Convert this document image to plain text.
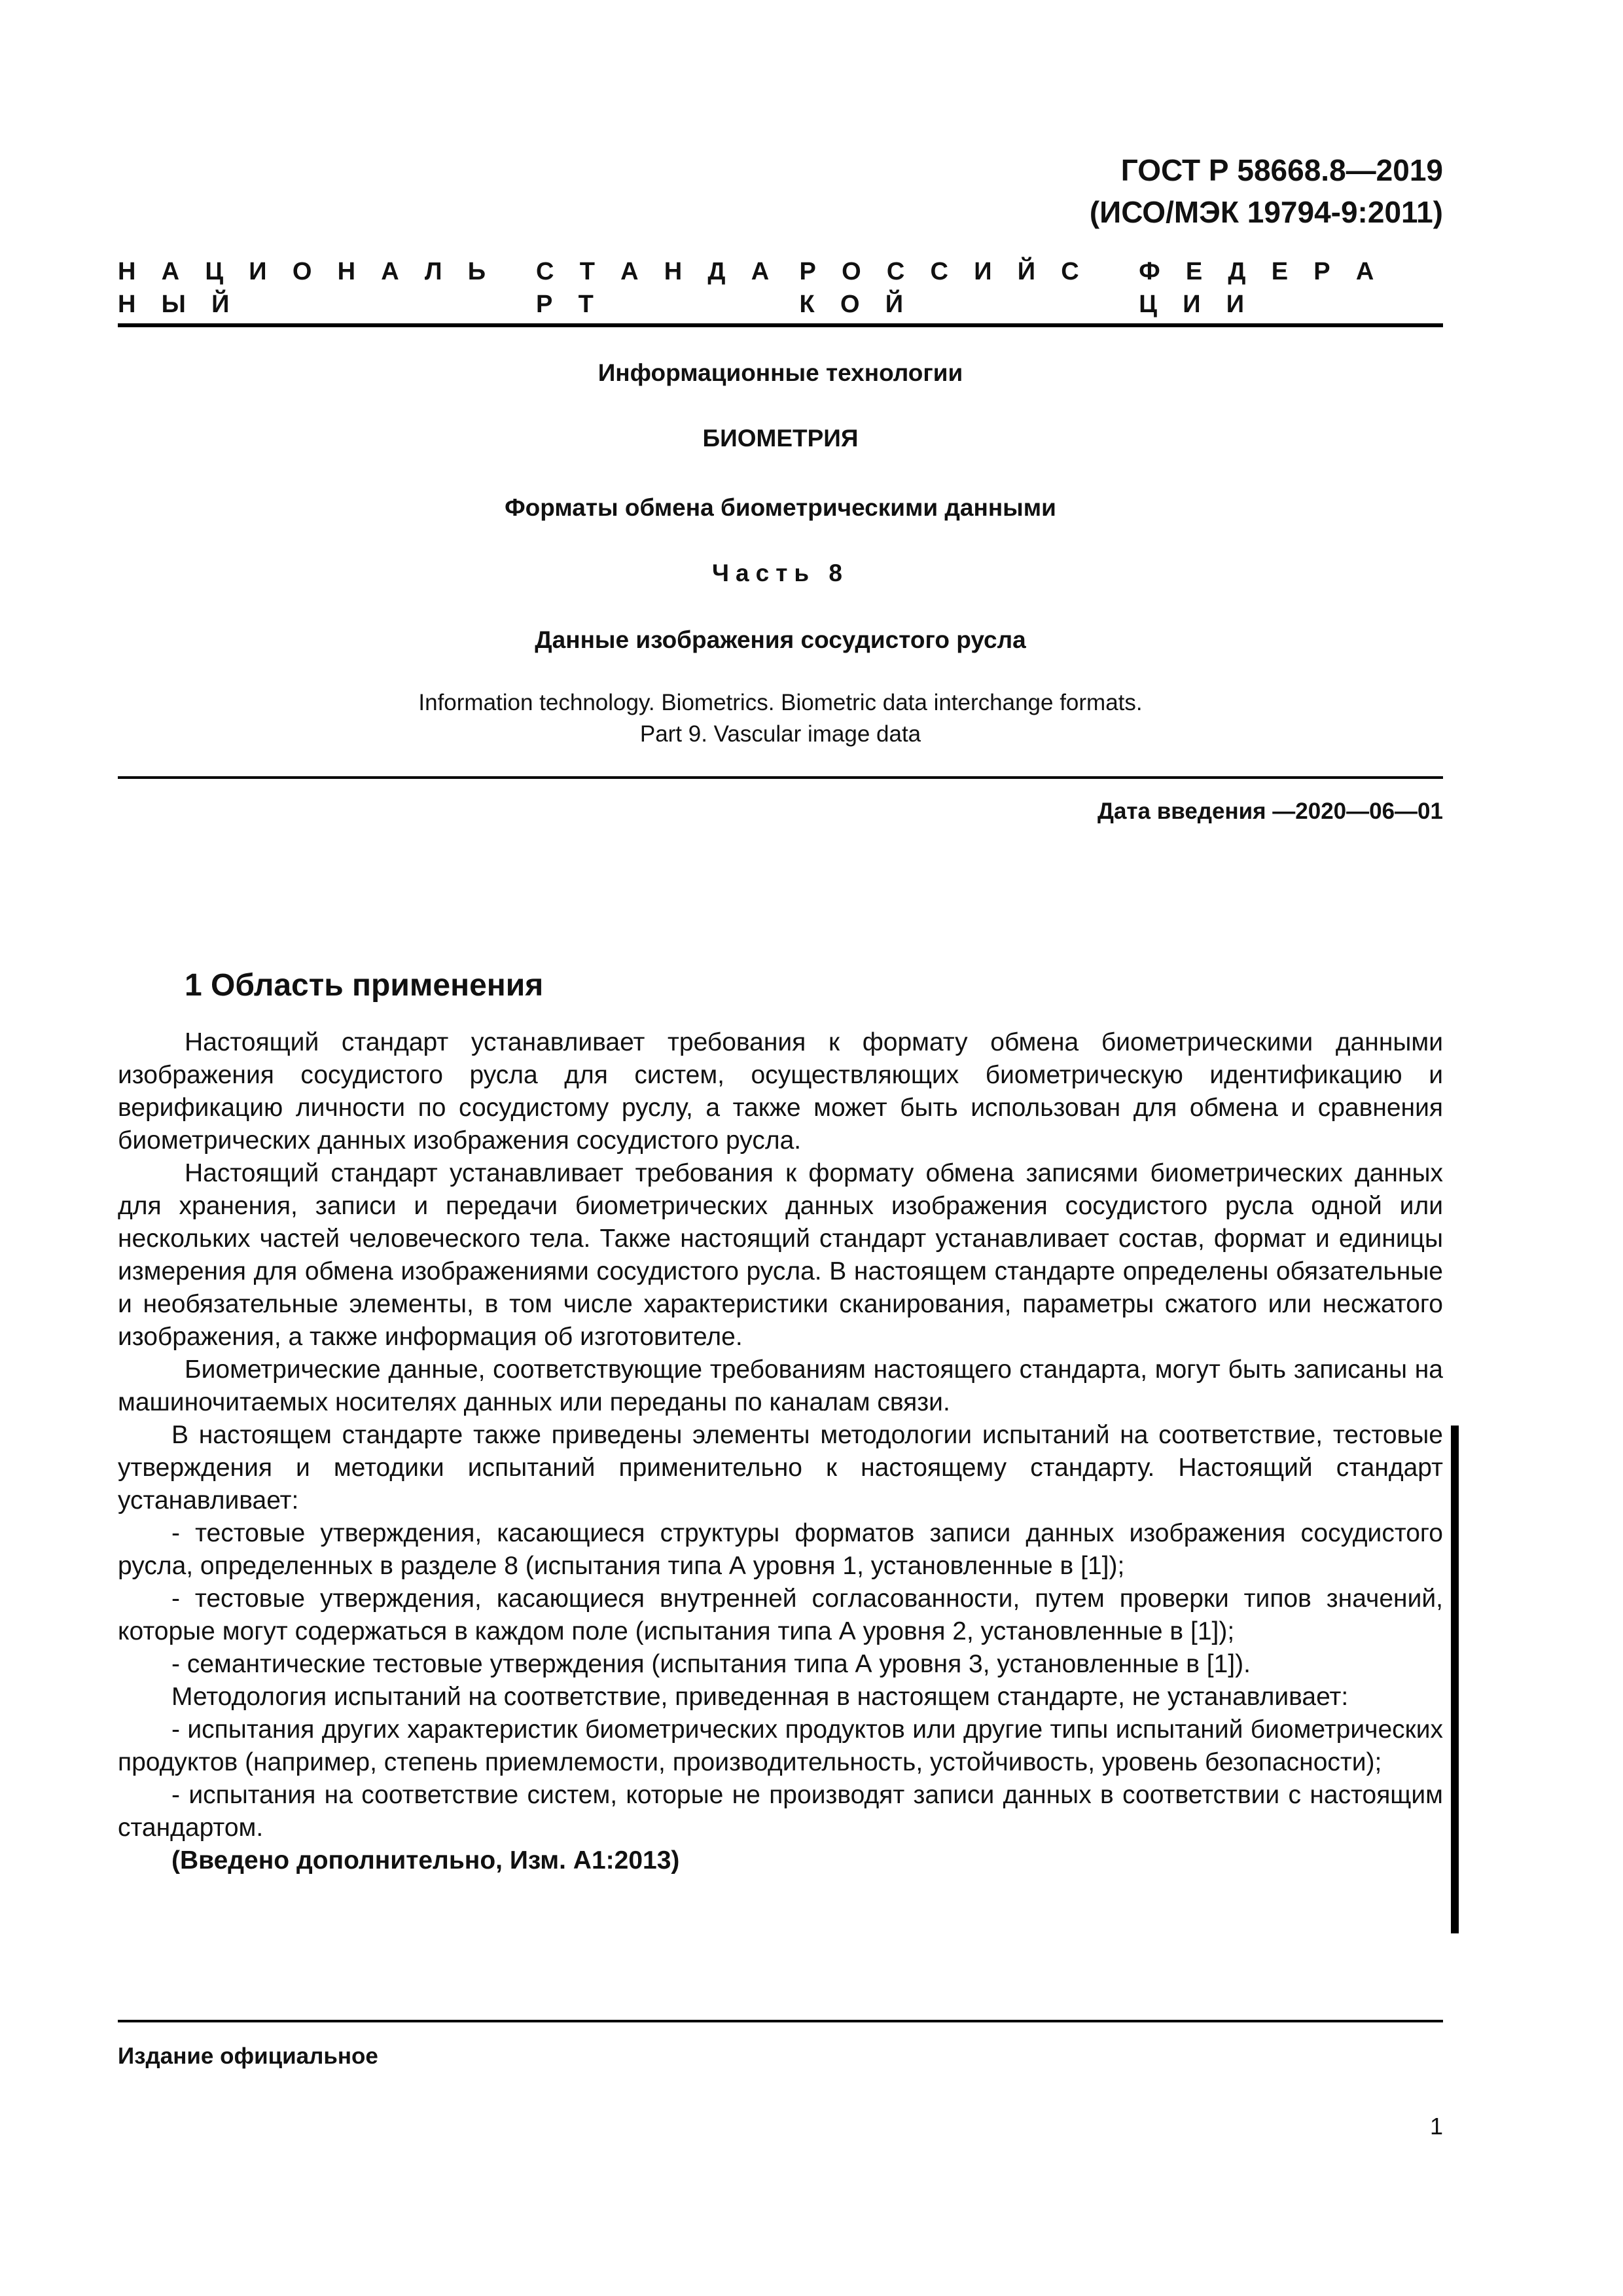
ГОСТ Р 58668.8—2019
(ИСО/МЭК 19794-9:2011)
Н  А  Ц  И  О  Н  А  Л  Ь  Н  Ы  Й
С  Т  А  Н  Д  А  Р  Т
Р  О  С  С  И  Й  С  К  О  Й
Ф  Е  Д  Е  Р  А  Ц  И  И
Информационные технологии
БИОМЕТРИЯ
Форматы обмена биометрическими данными
Часть 8
Данные изображения сосудистого русла
Information technology. Biometrics. Biometric data interchange formats.
Part 9. Vascular image data
Дата введения —2020—06—01
1 Область применения

Настоящий стандарт устанавливает требования к формату обмена биометрическими данными изображения сосудистого русла для систем, осуществляющих биометрическую идентификацию и верификацию личности по сосудистому руслу, а также может быть использован для обмена и сравнения биометрических данных изображения сосудистого русла.

Настоящий стандарт устанавливает требования к формату обмена записями биометрических данных для хранения, записи и передачи биометрических данных изображения сосудистого русла одной или нескольких частей человеческого тела. Также настоящий стандарт устанавливает состав, формат и единицы измерения для обмена изображениями сосудистого русла. В настоящем стандарте определены обязательные и необязательные элементы, в том числе характеристики сканирования, параметры сжатого или несжатого изображения, а также информация об изготовителе.

Биометрические данные, соответствующие требованиям настоящего стандарта, могут быть записаны на машиночитаемых носителях данных или переданы по каналам связи.

В настоящем стандарте также приведены элементы методологии испытаний на соответствие, тестовые утверждения и методики испытаний применительно к настоящему стандарту. Настоящий стандарт устанавливает:

- тестовые утверждения, касающиеся структуры форматов записи данных изображения сосудистого русла, определенных в разделе 8 (испытания типа А уровня 1, установленные в [1]);

- тестовые утверждения, касающиеся внутренней согласованности, путем проверки типов значений, которые могут содержаться в каждом поле (испытания типа А уровня 2, установленные в [1]);

- семантические тестовые утверждения (испытания типа А уровня 3, установленные в [1]).

Методология испытаний на соответствие, приведенная в настоящем стандарте, не устанавливает:

- испытания других характеристик биометрических продуктов или другие типы испытаний биометрических продуктов (например, степень приемлемости, производительность, устойчивость, уровень безопасности);

- испытания на соответствие систем, которые не производят записи данных в соответствии с настоящим стандартом.

(Введено дополнительно, Изм. А1:2013)

Издание официальное
1
